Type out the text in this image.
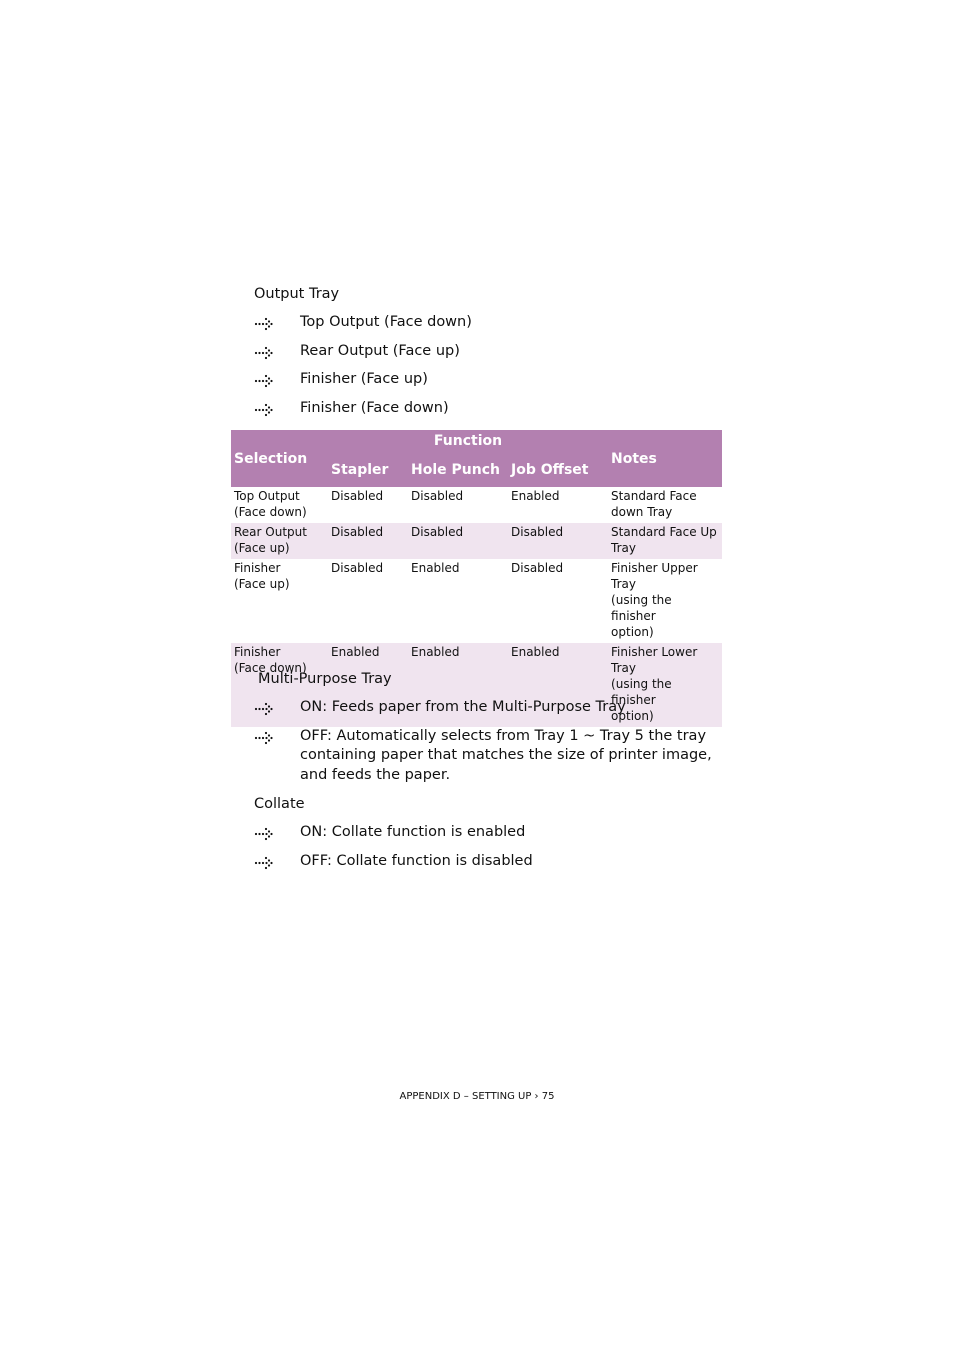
Output Tray
Top Output (Face down)
Rear Output (Face up)
Finisher (Face up)
Finisher (Face down)
Selection	Function			Notes
	Stapler	Hole Punch	Job Offset	

Top Output
(Face down)	Disabled	Disabled	Enabled	Standard Face
down Tray

Rear Output
(Face up)	Disabled	Disabled	Disabled	Standard Face Up
Tray

Finisher
(Face up)	Disabled	Enabled	Disabled	Finisher Upper Tray
(using the finisher
option)

Finisher
(Face down)	Enabled	Enabled	Enabled	Finisher Lower Tray
(using the finisher
option)
Multi-Purpose Tray
ON: Feeds paper from the Multi-Purpose Tray
OFF: Automatically selects from Tray 1 ~ Tray 5 the tray containing paper that matches the size of printer image, and feeds the paper.
Collate
ON: Collate function is enabled
OFF: Collate function is disabled
APPENDIX D – SETTING UP › 75
